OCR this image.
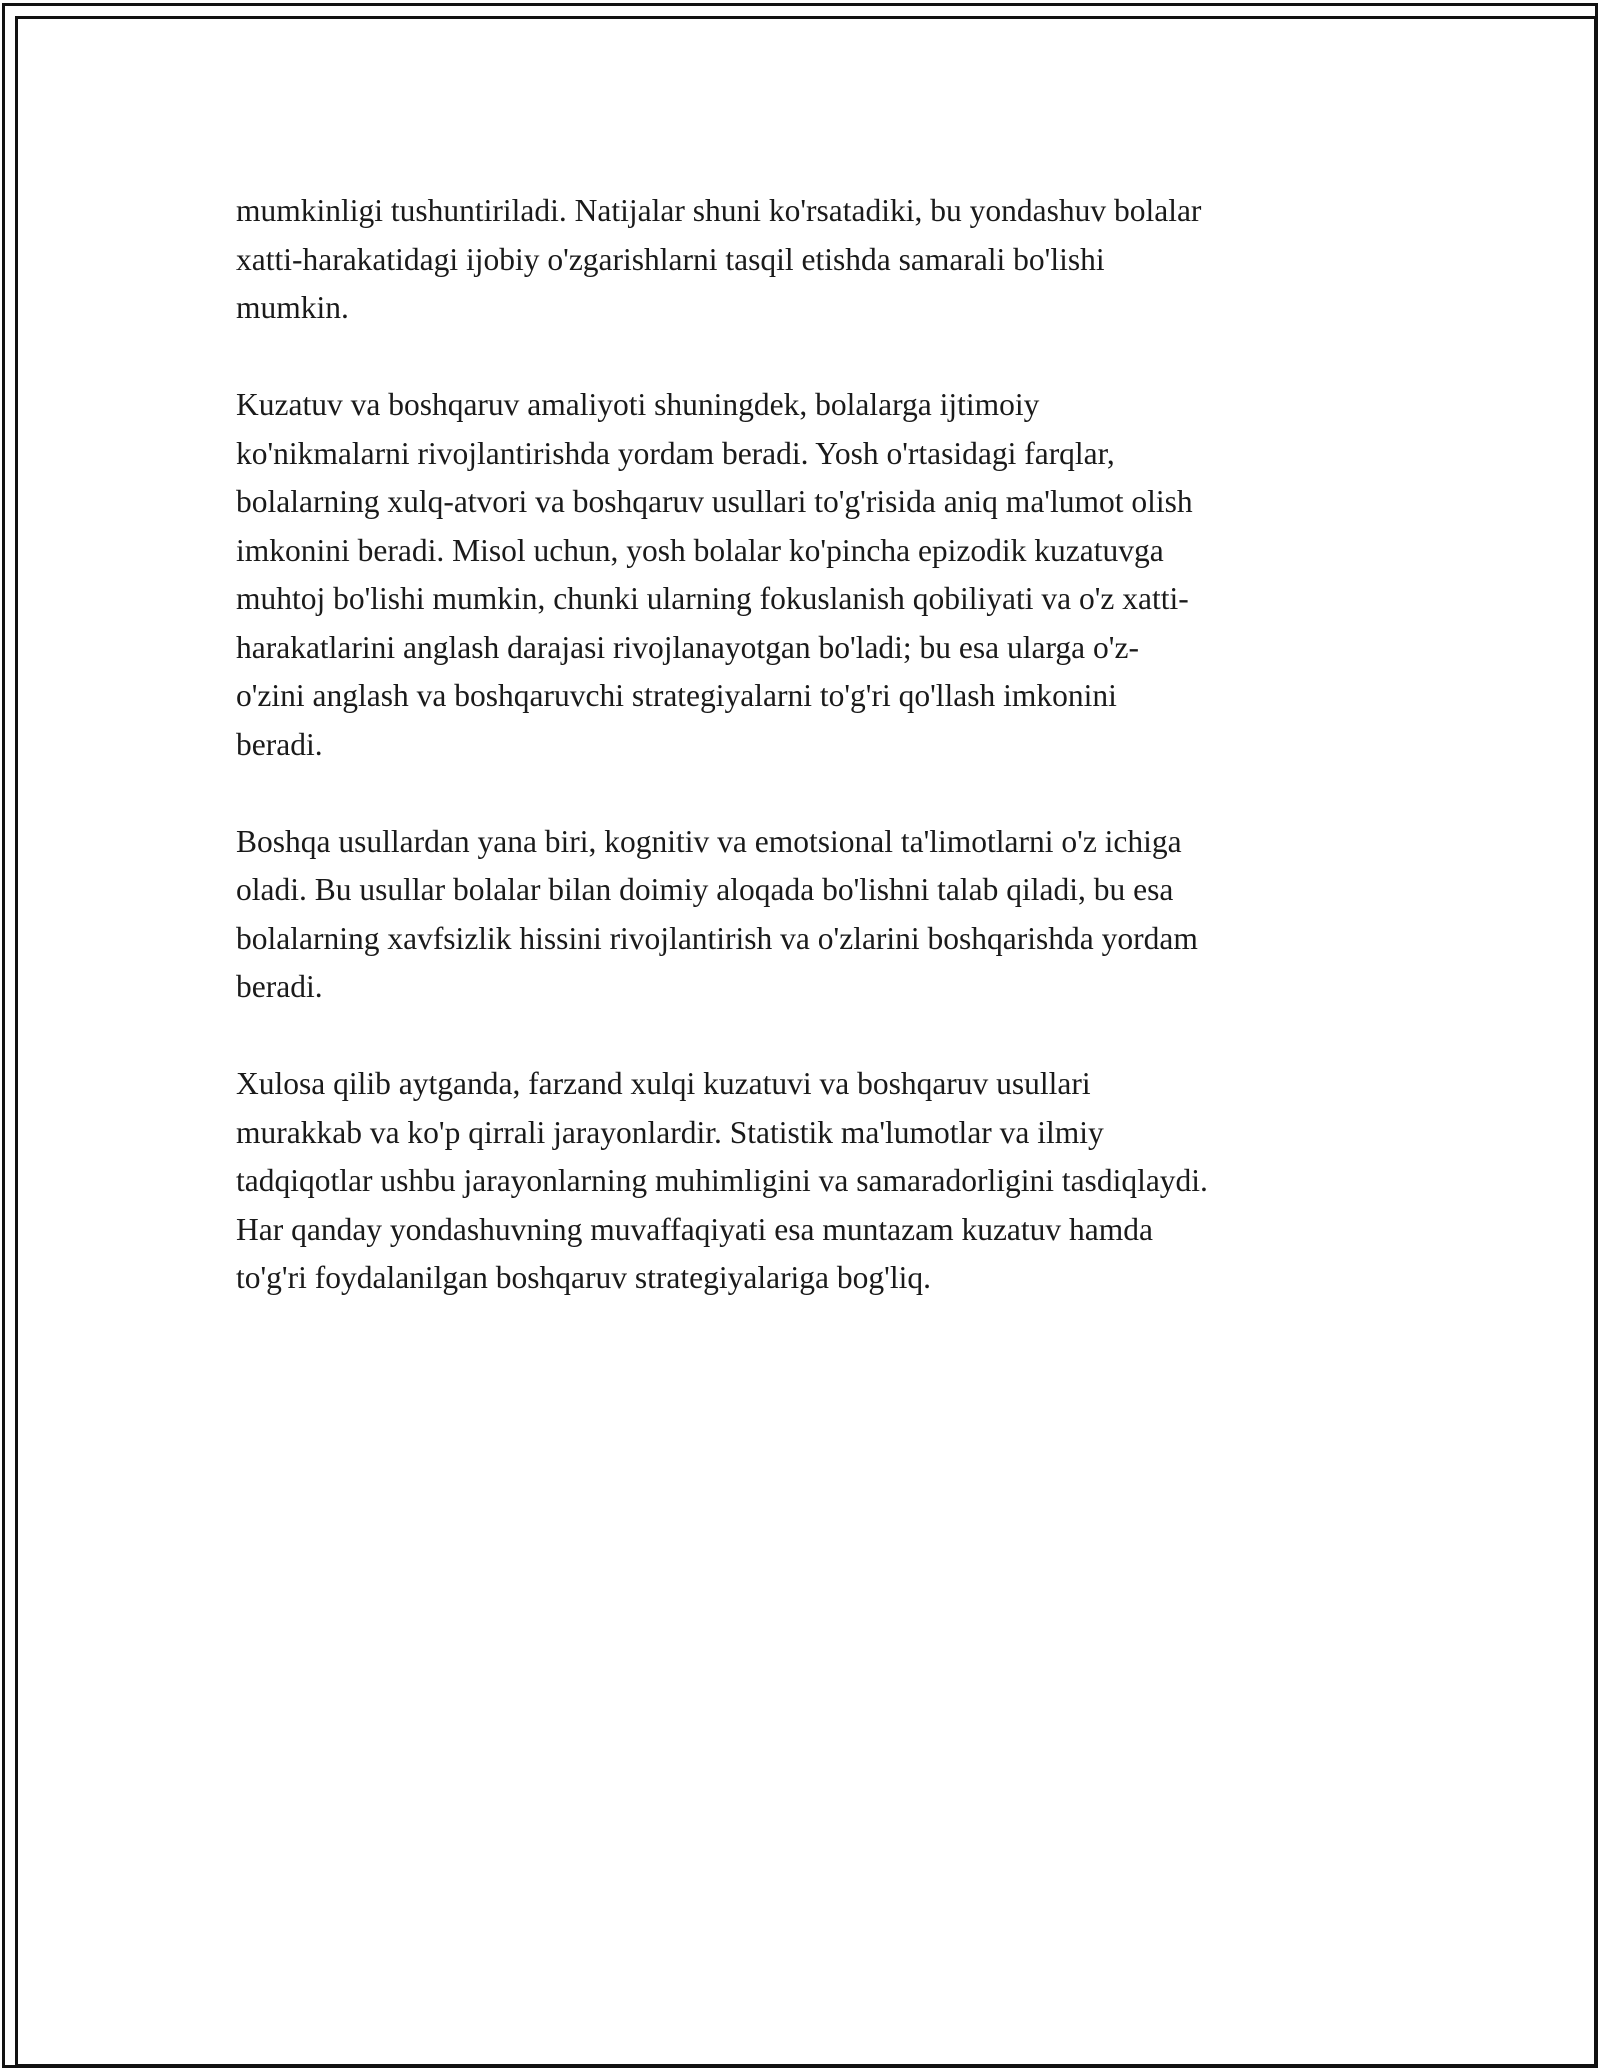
mumkinligi tushuntiriladi. Natijalar shuni ko'rsatadiki, bu yondashuv bolalar
xatti-harakatidagi ijobiy o'zgarishlarni tasqil etishda samarali bo'lishi
mumkin.

Kuzatuv va boshqaruv amaliyoti shuningdek, bolalarga ijtimoiy
ko'nikmalarni rivojlantirishda yordam beradi. Yosh o'rtasidagi farqlar,
bolalarning xulq-atvori va boshqaruv usullari to'g'risida aniq ma'lumot olish
imkonini beradi. Misol uchun, yosh bolalar ko'pincha epizodik kuzatuvga
muhtoj bo'lishi mumkin, chunki ularning fokuslanish qobiliyati va o'z xatti-
harakatlarini anglash darajasi rivojlanayotgan bo'ladi; bu esa ularga o'z-
o'zini anglash va boshqaruvchi strategiyalarni to'g'ri qo'llash imkonini
beradi.

Boshqa usullardan yana biri, kognitiv va emotsional ta'limotlarni o'z ichiga
oladi. Bu usullar bolalar bilan doimiy aloqada bo'lishni talab qiladi, bu esa
bolalarning xavfsizlik hissini rivojlantirish va o'zlarini boshqarishda yordam
beradi.

Xulosa qilib aytganda, farzand xulqi kuzatuvi va boshqaruv usullari
murakkab va ko'p qirrali jarayonlardir. Statistik ma'lumotlar va ilmiy
tadqiqotlar ushbu jarayonlarning muhimligini va samaradorligini tasdiqlaydi.
Har qanday yondashuvning muvaffaqiyati esa muntazam kuzatuv hamda
to'g'ri foydalanilgan boshqaruv strategiyalariga bog'liq.
